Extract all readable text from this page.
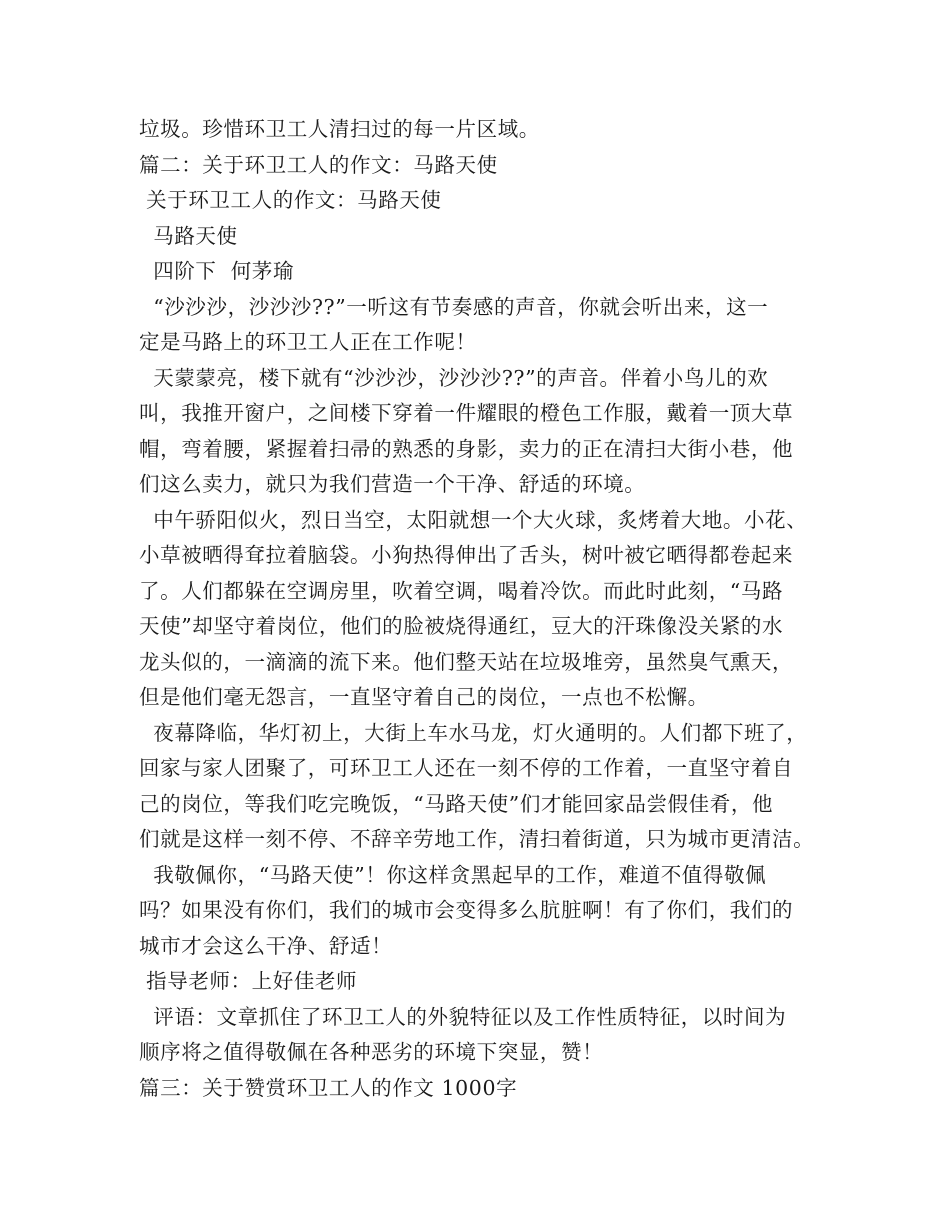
垃圾。珍惜环卫工人清扫过的每一片区域。
篇二：关于环卫工人的作文：马路天使
关于环卫工人的作文：马路天使
马路天使
四阶下  何茅瑜
“沙沙沙，沙沙沙??”一听这有节奏感的声音，你就会听出来，这一
定是马路上的环卫工人正在工作呢！
天蒙蒙亮，楼下就有“沙沙沙，沙沙沙??”的声音。伴着小鸟儿的欢
叫，我推开窗户，之间楼下穿着一件耀眼的橙色工作服，戴着一顶大草
帽，弯着腰，紧握着扫帚的熟悉的身影，卖力的正在清扫大街小巷，他
们这么卖力，就只为我们营造一个干净、舒适的环境。
中午骄阳似火，烈日当空，太阳就想一个大火球，炙烤着大地。小花、
小草被晒得耷拉着脑袋。小狗热得伸出了舌头，树叶被它晒得都卷起来
了。人们都躲在空调房里，吹着空调，喝着冷饮。而此时此刻，“马路
天使”却坚守着岗位，他们的脸被烧得通红，豆大的汗珠像没关紧的水
龙头似的，一滴滴的流下来。他们整天站在垃圾堆旁，虽然臭气熏天，
但是他们毫无怨言，一直坚守着自己的岗位，一点也不松懈。
夜幕降临，华灯初上，大街上车水马龙，灯火通明的。人们都下班了，
回家与家人团聚了，可环卫工人还在一刻不停的工作着，一直坚守着自
己的岗位，等我们吃完晚饭，“马路天使”们才能回家品尝假佳肴，他
们就是这样一刻不停、不辞辛劳地工作，清扫着街道，只为城市更清洁。
我敬佩你，“马路天使”！你这样贪黑起早的工作，难道不值得敬佩
吗？如果没有你们，我们的城市会变得多么肮脏啊！有了你们，我们的
城市才会这么干净、舒适！
指导老师：上好佳老师
评语：文章抓住了环卫工人的外貌特征以及工作性质特征，以时间为
顺序将之值得敬佩在各种恶劣的环境下突显，赞！
篇三：关于赞赏环卫工人的作文 1000字
